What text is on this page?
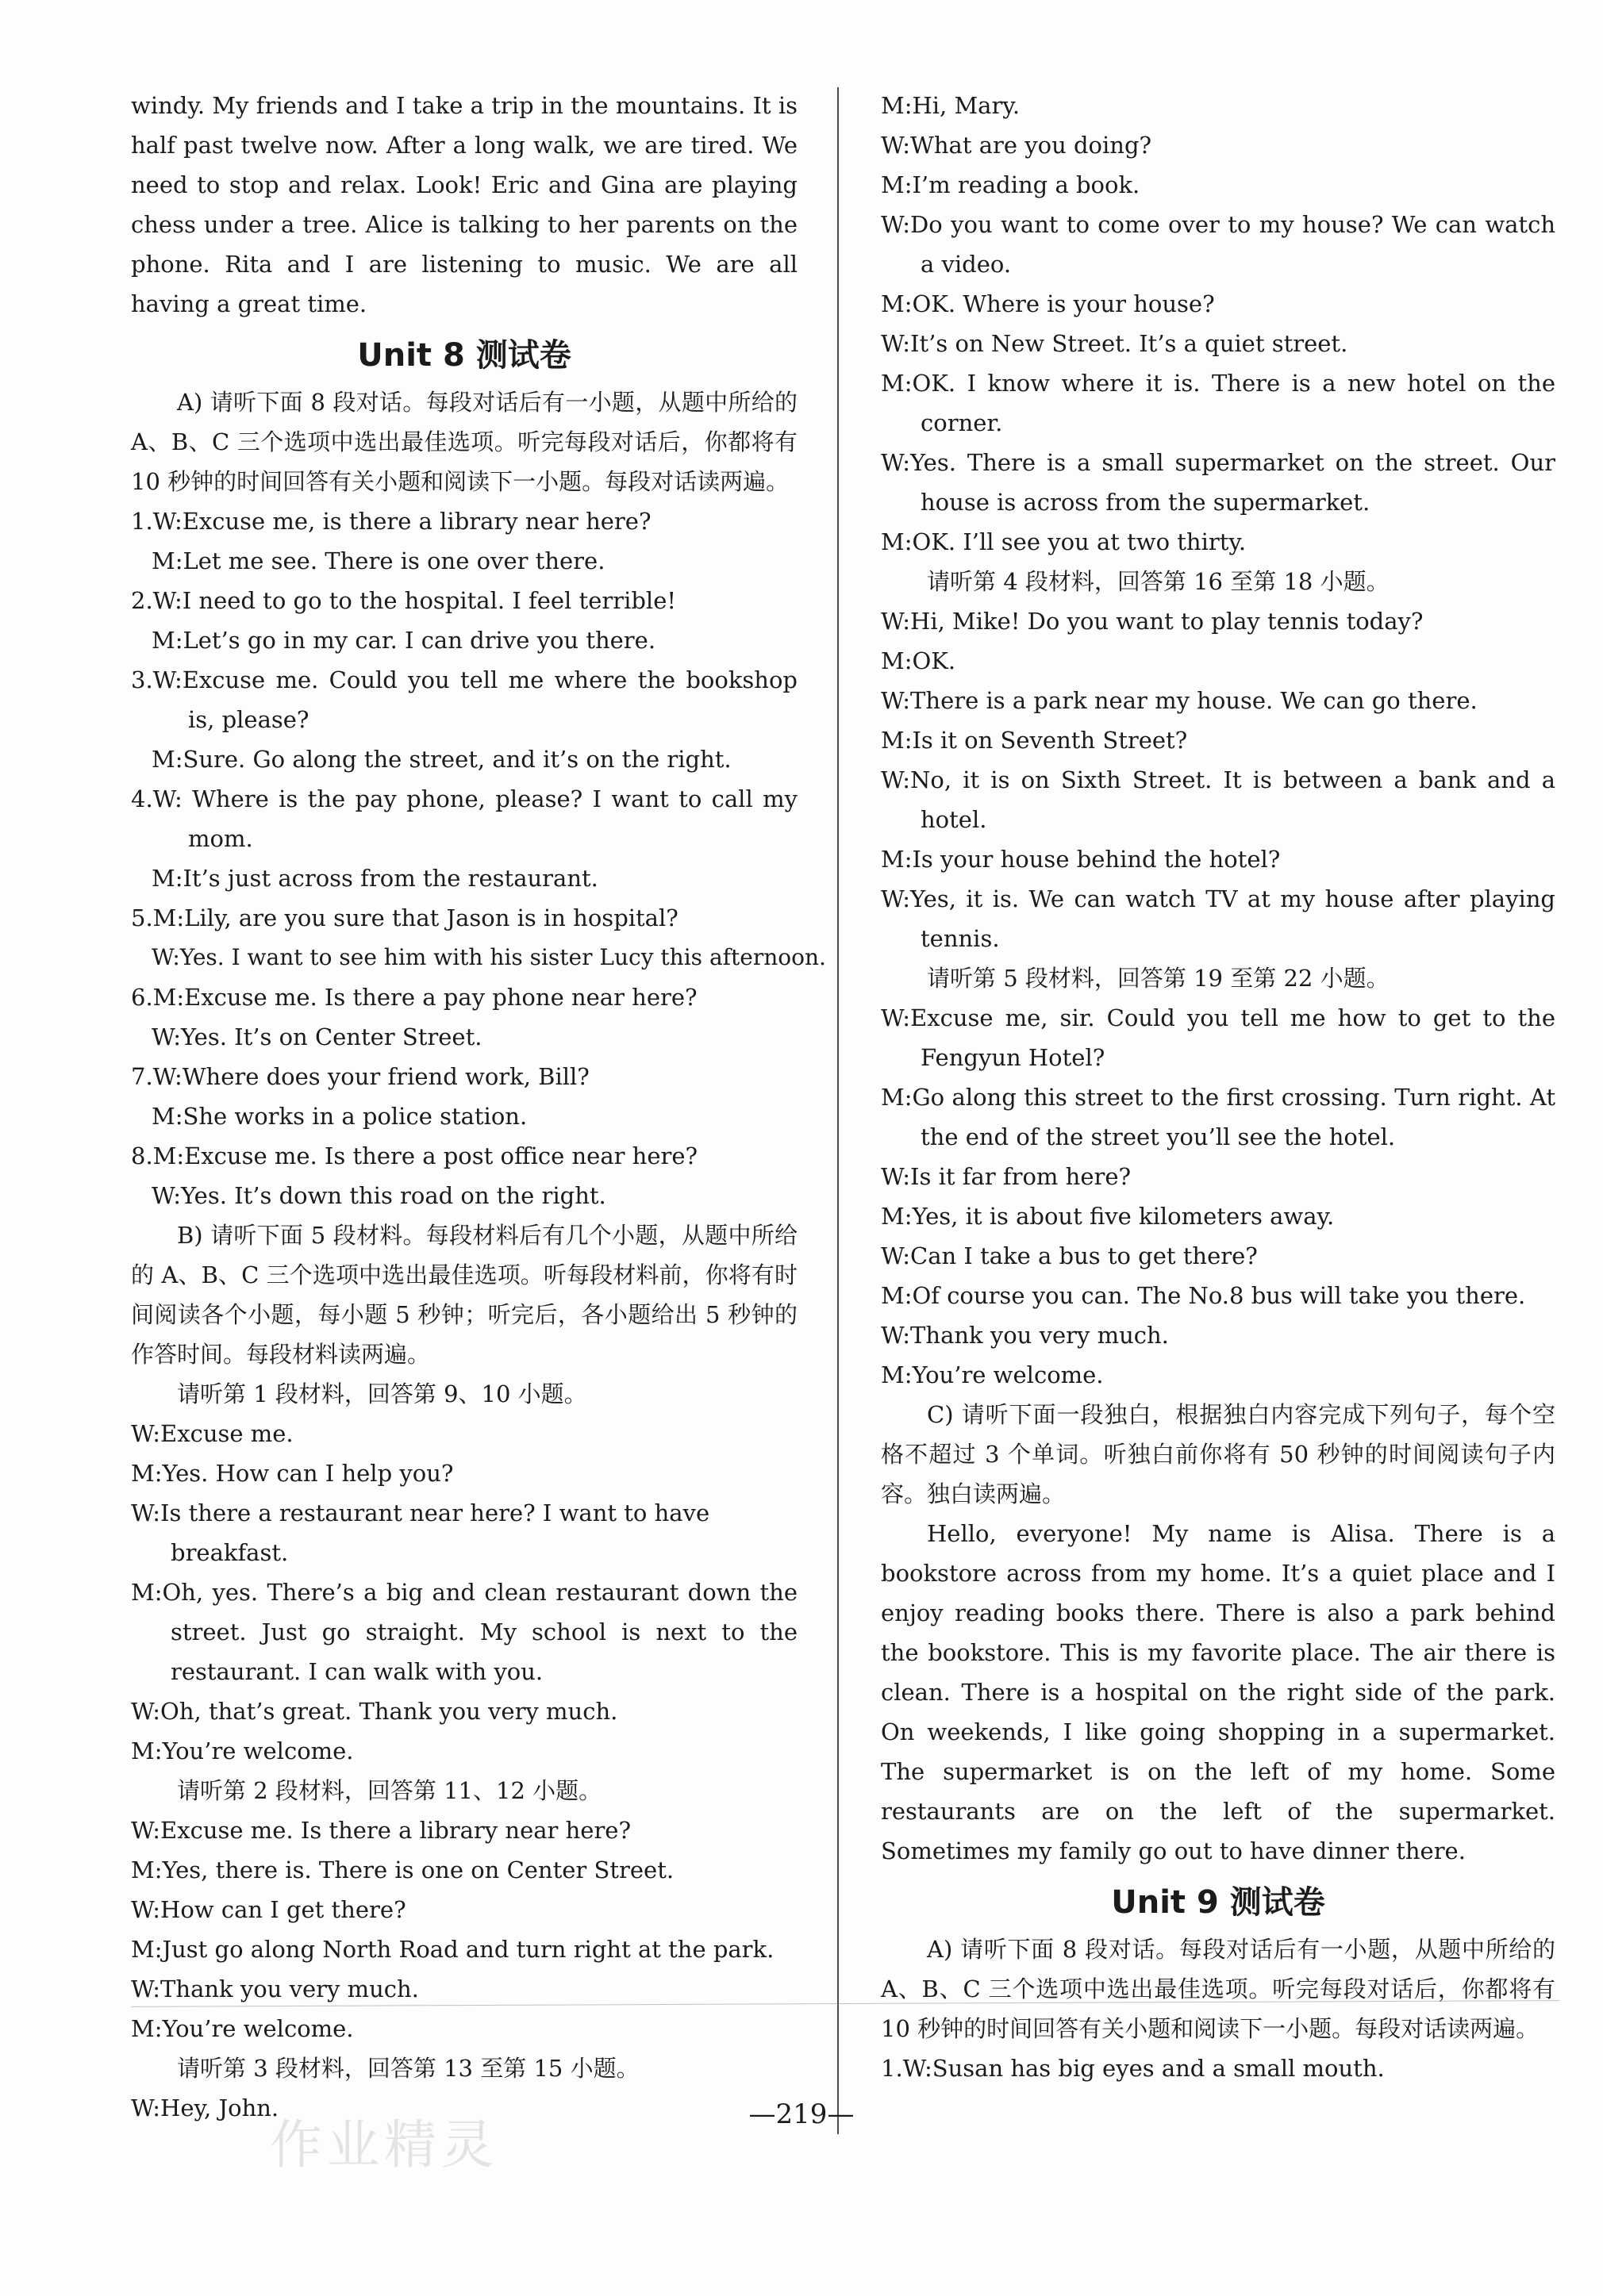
windy. My friends and I take a trip in the mountains. It is half past twelve now. After a long walk, we are tired. We need to stop and relax. Look! Eric and Gina are playing chess under a tree. Alice is talking to her parents on the phone. Rita and I are listening to music. We are all having a great time.

Unit 8 测试卷

A) 请听下面 8 段对话。每段对话后有一小题，从题中所给的 A、B、C 三个选项中选出最佳选项。听完每段对话后，你都将有 10 秒钟的时间回答有关小题和阅读下一小题。每段对话读两遍。

1.W:Excuse me, is there a library near here?

M:Let me see. There is one over there.

2.W:I need to go to the hospital. I feel terrible!

M:Let’s go in my car. I can drive you there.

3.W:Excuse me. Could you tell me where the bookshop is, please?

M:Sure. Go along the street, and it’s on the right.

4.W: Where is the pay phone, please? I want to call my mom.

M:It’s just across from the restaurant.

5.M:Lily, are you sure that Jason is in hospital?

W:Yes. I want to see him with his sister Lucy this afternoon.

6.M:Excuse me. Is there a pay phone near here?

W:Yes. It’s on Center Street.

7.W:Where does your friend work, Bill?

M:She works in a police station.

8.M:Excuse me. Is there a post office near here?

W:Yes. It’s down this road on the right.

B) 请听下面 5 段材料。每段材料后有几个小题，从题中所给的 A、B、C 三个选项中选出最佳选项。听每段材料前，你将有时间阅读各个小题，每小题 5 秒钟；听完后，各小题给出 5 秒钟的作答时间。每段材料读两遍。

请听第 1 段材料，回答第 9、10 小题。

W:Excuse me.

M:Yes. How can I help you?

W:Is there a restaurant near here? I want to have breakfast.

M:Oh, yes. There’s a big and clean restaurant down the street. Just go straight. My school is next to the restaurant. I can walk with you.

W:Oh, that’s great. Thank you very much.

M:You’re welcome.

请听第 2 段材料，回答第 11、12 小题。

W:Excuse me. Is there a library near here?

M:Yes, there is. There is one on Center Street.

W:How can I get there?

M:Just go along North Road and turn right at the park.

W:Thank you very much.

M:You’re welcome.

请听第 3 段材料，回答第 13 至第 15 小题。

W:Hey, John.

M:Hi, Mary.

W:What are you doing?

M:I’m reading a book.

W:Do you want to come over to my house? We can watch a video.

M:OK. Where is your house?

W:It’s on New Street. It’s a quiet street.

M:OK. I know where it is. There is a new hotel on the corner.

W:Yes. There is a small supermarket on the street. Our house is across from the supermarket.

M:OK. I’ll see you at two thirty.

请听第 4 段材料，回答第 16 至第 18 小题。

W:Hi, Mike! Do you want to play tennis today?

M:OK.

W:There is a park near my house. We can go there.

M:Is it on Seventh Street?

W:No, it is on Sixth Street. It is between a bank and a hotel.

M:Is your house behind the hotel?

W:Yes, it is. We can watch TV at my house after playing tennis.

请听第 5 段材料，回答第 19 至第 22 小题。

W:Excuse me, sir. Could you tell me how to get to the Fengyun Hotel?

M:Go along this street to the first crossing. Turn right. At the end of the street you’ll see the hotel.

W:Is it far from here?

M:Yes, it is about five kilometers away.

W:Can I take a bus to get there?

M:Of course you can. The No.8 bus will take you there.

W:Thank you very much.

M:You’re welcome.

C) 请听下面一段独白，根据独白内容完成下列句子，每个空格不超过 3 个单词。听独白前你将有 50 秒钟的时间阅读句子内容。独白读两遍。

Hello, everyone! My name is Alisa. There is a bookstore across from my home. It’s a quiet place and I enjoy reading books there. There is also a park behind the bookstore. This is my favorite place. The air there is clean. There is a hospital on the right side of the park. On weekends, I like going shopping in a supermarket. The supermarket is on the left of my home. Some restaurants are on the left of the supermarket. Sometimes my family go out to have dinner there.

Unit 9 测试卷

A) 请听下面 8 段对话。每段对话后有一小题，从题中所给的 A、B、C 三个选项中选出最佳选项。听完每段对话后，你都将有 10 秒钟的时间回答有关小题和阅读下一小题。每段对话读两遍。

1.W:Susan has big eyes and a small mouth.

—219—
作业精灵
